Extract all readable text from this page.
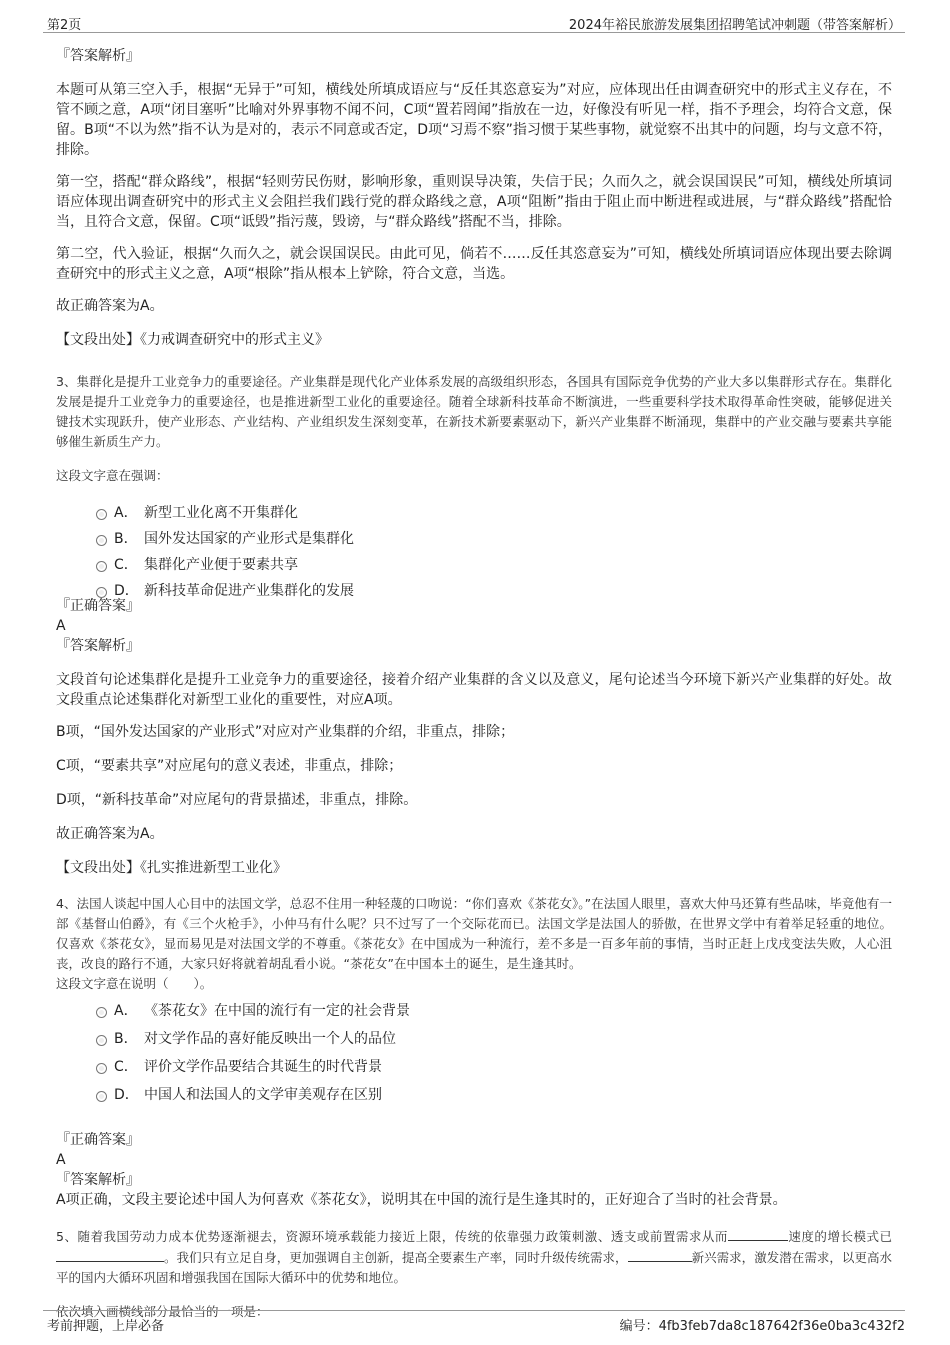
第2页	2024年裕民旅游发展集团招聘笔试冲刺题（带答案解析）

『答案解析』

本题可从第三空入手，根据“无异于”可知，横线处所填成语应与“反任其恣意妄为”对应，应体现出任由调查研究中的形式主义存在，不管不顾之意，A项“闭目塞听”比喻对外界事物不闻不问，C项“置若罔闻”指放在一边，好像没有听见一样，指不予理会，均符合文意，保留。B项“不以为然”指不认为是对的，表示不同意或否定，D项“习焉不察”指习惯于某些事物，就觉察不出其中的问题，均与文意不符，排除。

第一空，搭配“群众路线”，根据“轻则劳民伤财，影响形象，重则误导决策，失信于民；久而久之，就会误国误民”可知，横线处所填词语应体现出调查研究中的形式主义会阻拦我们践行党的群众路线之意，A项“阻断”指由于阻止而中断进程或进展，与“群众路线”搭配恰当，且符合文意，保留。C项“诋毁”指污蔑，毁谤，与“群众路线”搭配不当，排除。

第二空，代入验证，根据“久而久之，就会误国误民。由此可见，倘若不……反任其恣意妄为”可知，横线处所填词语应体现出要去除调查研究中的形式主义之意，A项“根除”指从根本上铲除，符合文意，当选。

故正确答案为A。

【文段出处】《力戒调查研究中的形式主义》

3、集群化是提升工业竞争力的重要途径。产业集群是现代化产业体系发展的高级组织形态，各国具有国际竞争优势的产业大多以集群形式存在。集群化发展是提升工业竞争力的重要途径，也是推进新型工业化的重要途径。随着全球新科技革命不断演进，一些重要科学技术取得革命性突破，能够促进关键技术实现跃升，使产业形态、产业结构、产业组织发生深刻变革，在新技术新要素驱动下，新兴产业集群不断涌现，集群中的产业交融与要素共享能够催生新质生产力。

这段文字意在强调：

A． 新型工业化离不开集群化
B． 国外发达国家的产业形式是集群化
C． 集群化产业便于要素共享
D． 新科技革命促进产业集群化的发展

『正确答案』

A

『答案解析』

文段首句论述集群化是提升工业竞争力的重要途径，接着介绍产业集群的含义以及意义，尾句论述当今环境下新兴产业集群的好处。故文段重点论述集群化对新型工业化的重要性，对应A项。

B项，“国外发达国家的产业形式”对应对产业集群的介绍，非重点，排除；

C项，“要素共享”对应尾句的意义表述，非重点，排除；

D项，“新科技革命”对应尾句的背景描述，非重点，排除。

故正确答案为A。

【文段出处】《扎实推进新型工业化》

4、法国人谈起中国人心目中的法国文学，总忍不住用一种轻蔑的口吻说：“你们喜欢《茶花女》。”在法国人眼里，喜欢大仲马还算有些品味，毕竟他有一部《基督山伯爵》，有《三个火枪手》，小仲马有什么呢？只不过写了一个交际花而已。法国文学是法国人的骄傲，在世界文学中有着举足轻重的地位。仅喜欢《茶花女》，显而易见是对法国文学的不尊重。《茶花女》在中国成为一种流行，差不多是一百多年前的事情，当时正赶上戊戌变法失败，人心沮丧，改良的路行不通，大家只好将就着胡乱看小说。“茶花女”在中国本土的诞生，是生逢其时。

这段文字意在说明（　　）。

A． 《茶花女》在中国的流行有一定的社会背景
B． 对文学作品的喜好能反映出一个人的品位
C． 评价文学作品要结合其诞生的时代背景
D． 中国人和法国人的文学审美观存在区别

『正确答案』

A

『答案解析』

A项正确，文段主要论述中国人为何喜欢《茶花女》，说明其在中国的流行是生逢其时的，正好迎合了当时的社会背景。

5、随着我国劳动力成本优势逐渐褪去，资源环境承载能力接近上限，传统的依靠强力政策刺激、透支或前置需求从而	速度的增长模式已。我们只有立足自身，更加强调自主创新，提高全要素生产率，同时升级传统需求，	新兴需求，激发潜在需求，以更高水平的国内大循环巩固和增强我国在国际大循环中的优势和地位。

依次填入画横线部分最恰当的一项是：

考前押题，上岸必备	编号：4fb3feb7da8c187642f36e0ba3c432f2
